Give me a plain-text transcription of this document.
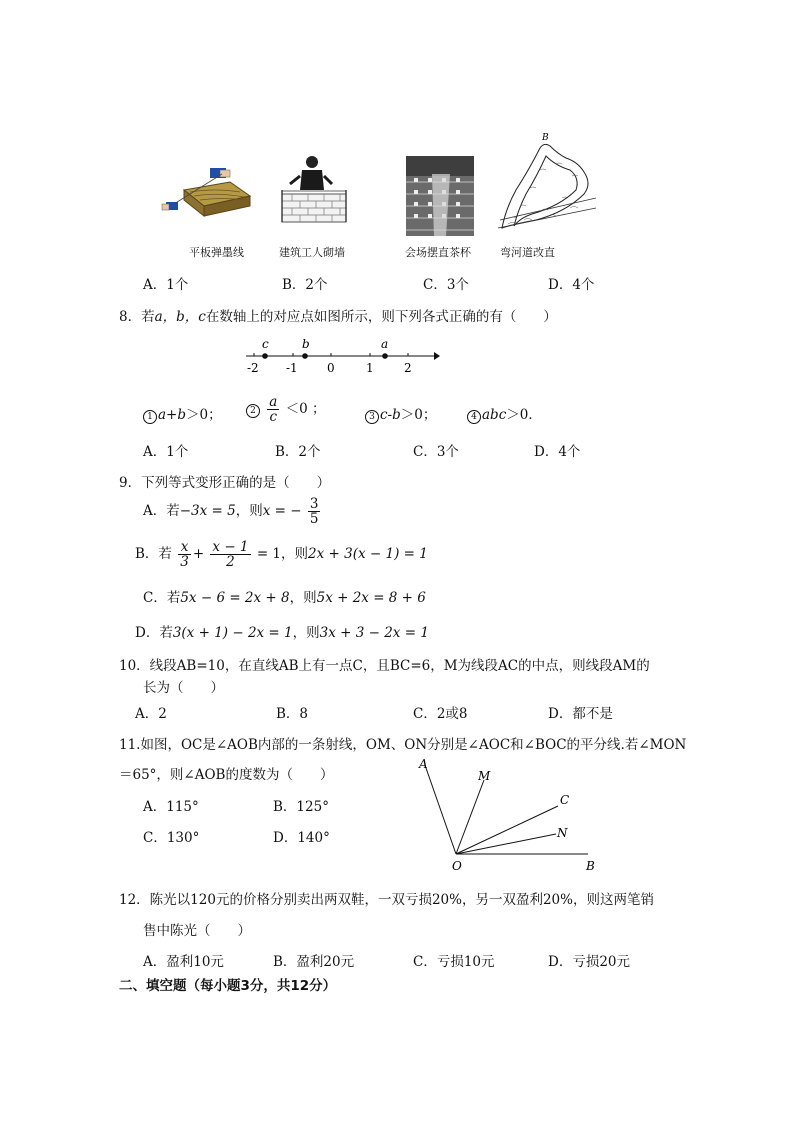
B
平板弹墨线	建筑工人砌墙	会场摆直茶杯	弯河道改直
A．1个	B．2个	C．3个	D．4个
8．若a，b，c在数轴上的对应点如图所示，则下列各式正确的有（　　）
c	b	a
-2 -1 0	1	2
1 a+b＞0；	$2 \frac{a}{c} <0$ ；	3 c-b＞0；	4 abc＞0．
A．1个	B．2个	C．3个	D．4个
9．下列等式变形正确的是（　　）
A．若−3x = 5，则x = − $\frac{3}{5}$
B．若 $\frac{x}{3} + \frac{x - 1}{2} = 1$，则2x + 3(x − 1) = 1
C．若5x − 6 = 2x + 8，则5x + 2x = 8 + 6
D．若3(x + 1) − 2x = 1，则3x + 3 − 2x = 1
10．线段AB=10，在直线AB上有一点C，且BC=6，M为线段AC的中点，则线段AM的
长为（　　）
A．2	B．8	C．2或8	D．都不是
11.如图，OC是∠AOB内部的一条射线，OM、ON分别是∠AOC和∠BOC的平分线.若∠MON
＝65°，则∠AOB的度数为（　　）
A．115°	B．125°
C．130°	D．140°
A
M
C
N
O	B
12．陈光以120元的价格分别卖出两双鞋，一双亏损20%，另一双盈利20%，则这两笔销
售中陈光（　　）
A．盈利10元	B．盈利20元	C．亏损10元	D．亏损20元
二、填空题（每小题3分，共12分）
